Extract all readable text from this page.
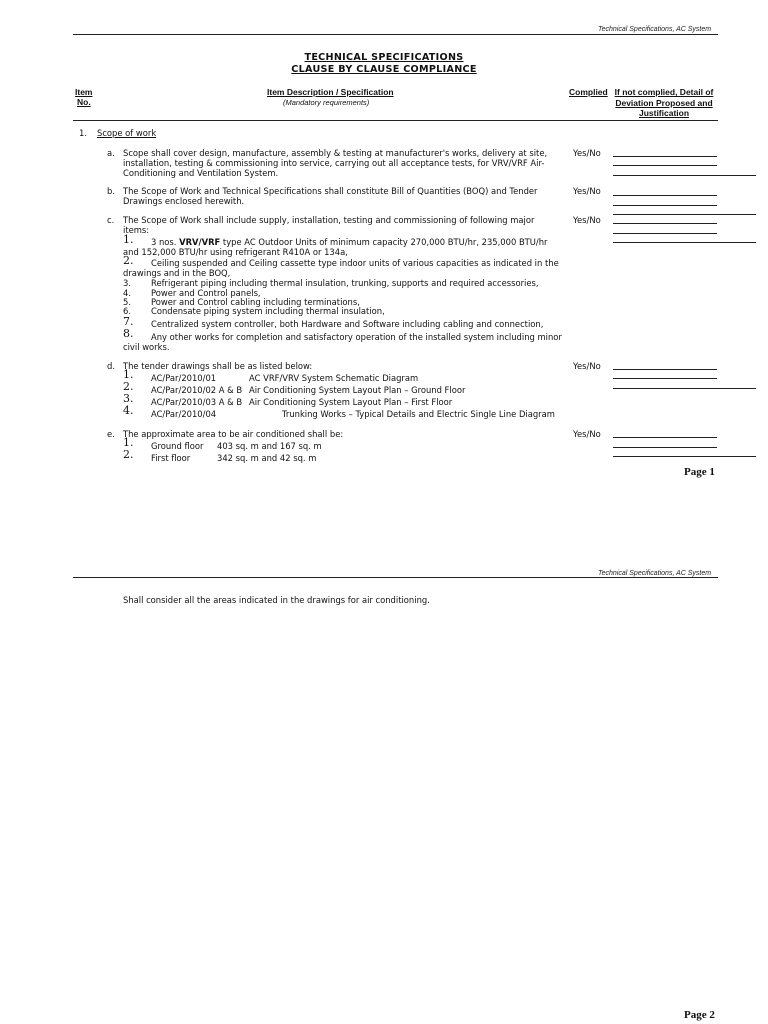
Technical Specifications, AC System
TECHNICAL SPECIFICATIONS
CLAUSE BY CLAUSE COMPLIANCE
Item
No.
Item Description / Specification
(Mandatory requirements)
Complied If not complied, Detail of Deviation Proposed and Justification
1. Scope of work
a. Scope shall cover design, manufacture, assembly & testing at manufacturer's works, delivery at site, installation, testing & commissioning into service, carrying out all acceptance tests, for VRV/VRF Air-Conditioning and Ventilation System.
Yes/No
b. The Scope of Work and Technical Specifications shall constitute Bill of Quantities (BOQ) and Tender Drawings enclosed herewith.
Yes/No
c. The Scope of Work shall include supply, installation, testing and commissioning of following major items:
Yes/No
1. 3 nos. VRV/VRF type AC Outdoor Units of minimum capacity 270,000 BTU/hr, 235,000 BTU/hr
and 152,000 BTU/hr using refrigerant R410A or 134a,
2. Ceiling suspended and Ceiling cassette type indoor units of various capacities as indicated in the
drawings and in the BOQ,
3. Refrigerant piping including thermal insulation, trunking, supports and required accessories,
4. Power and Control panels,
5. Power and Control cabling including terminations,
6. Condensate piping system including thermal insulation,
7. Centralized system controller, both Hardware and Software including cabling and connection,
8. Any other works for completion and satisfactory operation of the installed system including minor
civil works.
d. The tender drawings shall be as listed below:	Yes/No
1. AC/Par/2010/01	AC VRF/VRV System Schematic Diagram
2. AC/Par/2010/02 A & B Air Conditioning System Layout Plan – Ground Floor
3. AC/Par/2010/03 A & B Air Conditioning System Layout Plan – First Floor
4. AC/Par/2010/04	Trunking Works – Typical Details and Electric Single Line Diagram
e. The approximate area to be air conditioned shall be:	Yes/No
1. Ground floor 403 sq. m and 167 sq. m
2. First floor	342 sq. m and 42 sq. m
Page 1
Technical Specifications, AC System
Shall consider all the areas indicated in the drawings for air conditioning.
Page 2
